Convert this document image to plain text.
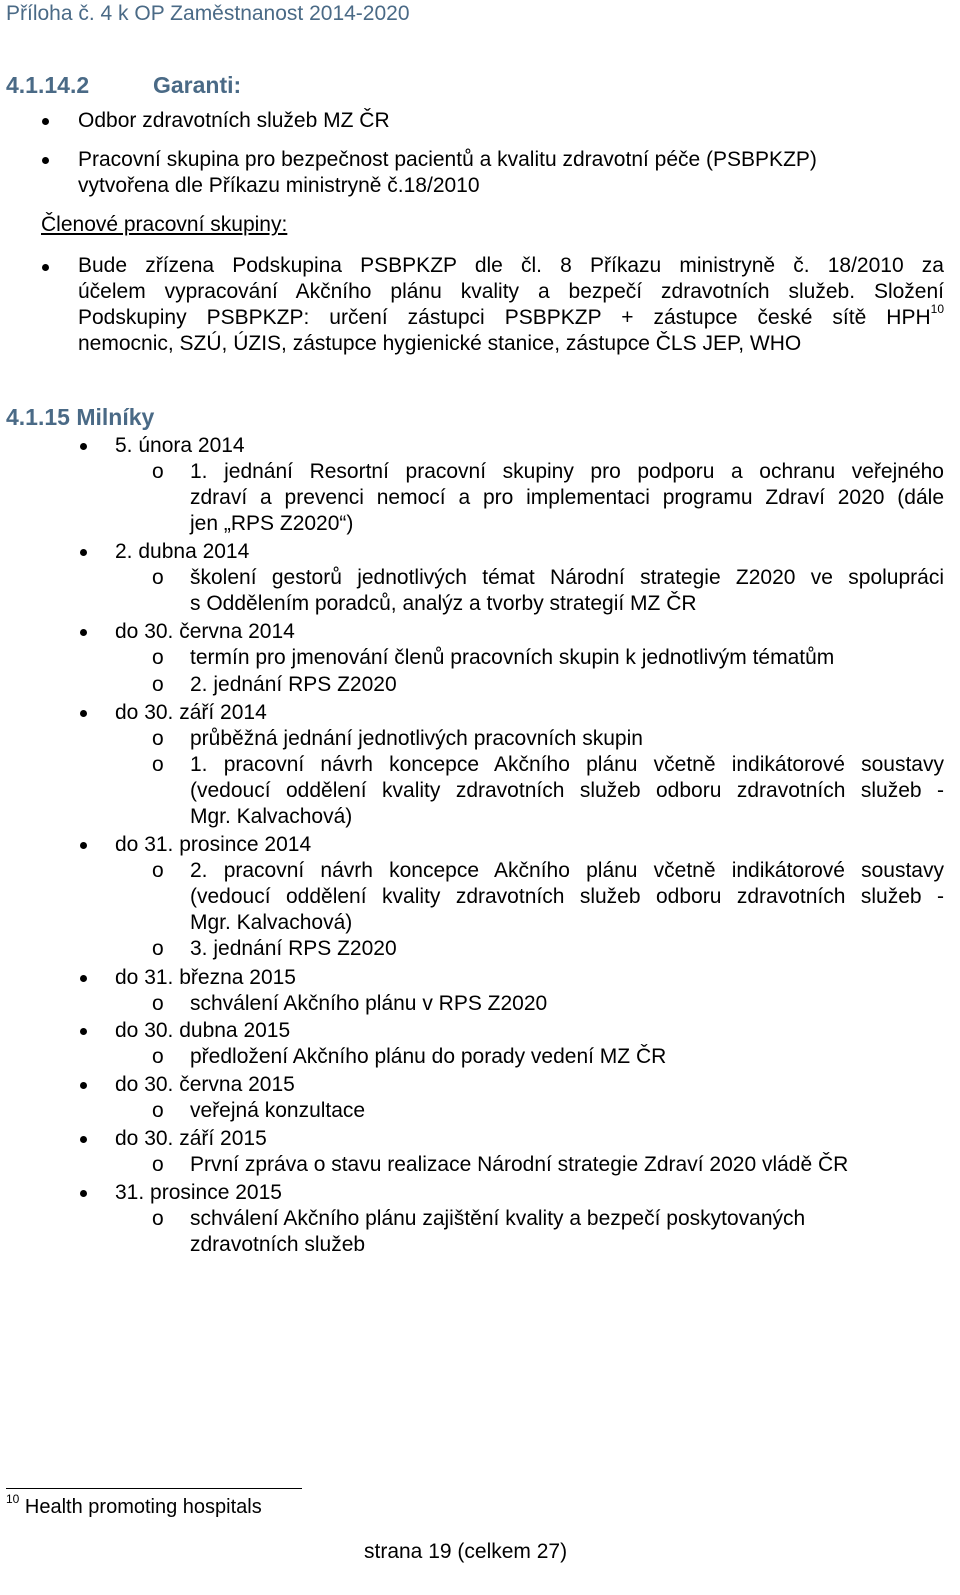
Příloha č. 4 k OP Zaměstnanost 2014-2020
4.1.14.2	Garanti:
Odbor zdravotních služeb MZ ČR
Pracovní skupina pro bezpečnost pacientů a kvalitu zdravotní péče (PSBPKZP)
vytvořena dle Příkazu ministryně č.18/2010
Členové pracovní skupiny:
Bude zřízena Podskupina PSBPKZP dle čl. 8 Příkazu ministryně č. 18/2010 za
účelem vypracování Akčního plánu kvality a bezpečí zdravotních služeb. Složení
Podskupiny PSBPKZP: určení zástupci PSBPKZP + zástupce české sítě HPH$^{10}$
nemocnic, SZÚ, ÚZIS, zástupce hygienické stanice, zástupce ČLS JEP, WHO
4.1.15 Milníky
5. února 2014
o 1. jednání Resortní pracovní skupiny pro podporu a ochranu veřejného
zdraví a prevenci nemocí a pro implementaci programu Zdraví 2020 (dále
jen „RPS Z2020“)
2. dubna 2014
o školení gestorů jednotlivých témat Národní strategie Z2020 ve spolupráci
s Oddělením poradců, analýz a tvorby strategií MZ ČR
do 30. června 2014
o termín pro jmenování členů pracovních skupin k jednotlivým tématům
o 2. jednání RPS Z2020
do 30. září 2014
o průběžná jednání jednotlivých pracovních skupin
o 1. pracovní návrh koncepce Akčního plánu včetně indikátorové soustavy
(vedoucí oddělení kvality zdravotních služeb odboru zdravotních služeb -
Mgr. Kalvachová)
do 31. prosince 2014
o 2. pracovní návrh koncepce Akčního plánu včetně indikátorové soustavy
(vedoucí oddělení kvality zdravotních služeb odboru zdravotních služeb -
Mgr. Kalvachová)
o 3. jednání RPS Z2020
do 31. března 2015
o schválení Akčního plánu v RPS Z2020
do 30. dubna 2015
o předložení Akčního plánu do porady vedení MZ ČR
do 30. června 2015
o veřejná konzultace
do 30. září 2015
o První zpráva o stavu realizace Národní strategie Zdraví 2020 vládě ČR
31. prosince 2015
o schválení Akčního plánu zajištění kvality a bezpečí poskytovaných
zdravotních služeb
$^{10}$ Health promoting hospitals
strana 19 (celkem 27)
